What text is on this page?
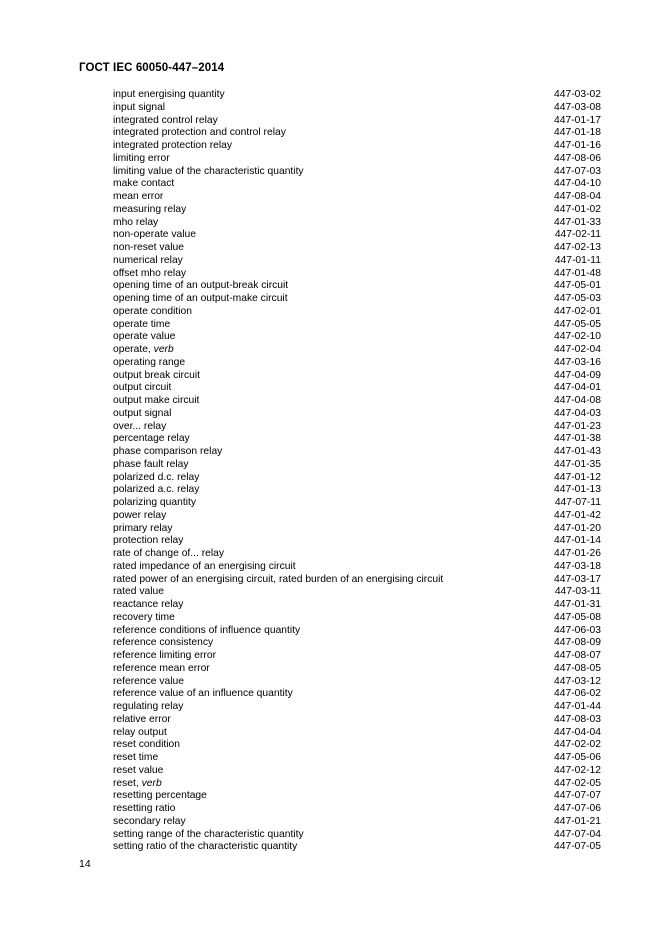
ГОСТ IEC 60050-447–2014
input energising quantity	447-03-02
input signal	447-03-08
integrated control relay	447-01-17
integrated protection and control relay	447-01-18
integrated protection relay	447-01-16
limiting error	447-08-06
limiting value of the characteristic quantity	447-07-03
make contact	447-04-10
mean error	447-08-04
measuring relay	447-01-02
mho relay	447-01-33
non-operate value	447-02-11
non-reset value	447-02-13
numerical relay	447-01-11
offset mho relay	447-01-48
opening time of an output-break circuit	447-05-01
opening time of an output-make circuit	447-05-03
operate condition	447-02-01
operate time	447-05-05
operate value	447-02-10
operate, verb	447-02-04
operating range	447-03-16
output break circuit	447-04-09
output circuit	447-04-01
output make circuit	447-04-08
output signal	447-04-03
over... relay	447-01-23
percentage relay	447-01-38
phase comparison relay	447-01-43
phase fault relay	447-01-35
polarized d.c. relay	447-01-12
polarized a.c. relay	447-01-13
polarizing quantity	447-07-11
power relay	447-01-42
primary relay	447-01-20
protection relay	447-01-14
rate of change of... relay	447-01-26
rated impedance of an energising circuit	447-03-18
rated power of an energising circuit, rated burden of an energising circuit	447-03-17
rated value	447-03-11
reactance relay	447-01-31
recovery time	447-05-08
reference conditions of influence quantity	447-06-03
reference consistency	447-08-09
reference limiting error	447-08-07
reference mean error	447-08-05
reference value	447-03-12
reference value of an influence quantity	447-06-02
regulating relay	447-01-44
relative error	447-08-03
relay output	447-04-04
reset condition	447-02-02
reset time	447-05-06
reset value	447-02-12
reset, verb	447-02-05
resetting percentage	447-07-07
resetting ratio	447-07-06
secondary relay	447-01-21
setting range of the characteristic quantity	447-07-04
setting ratio of the characteristic quantity	447-07-05
14
